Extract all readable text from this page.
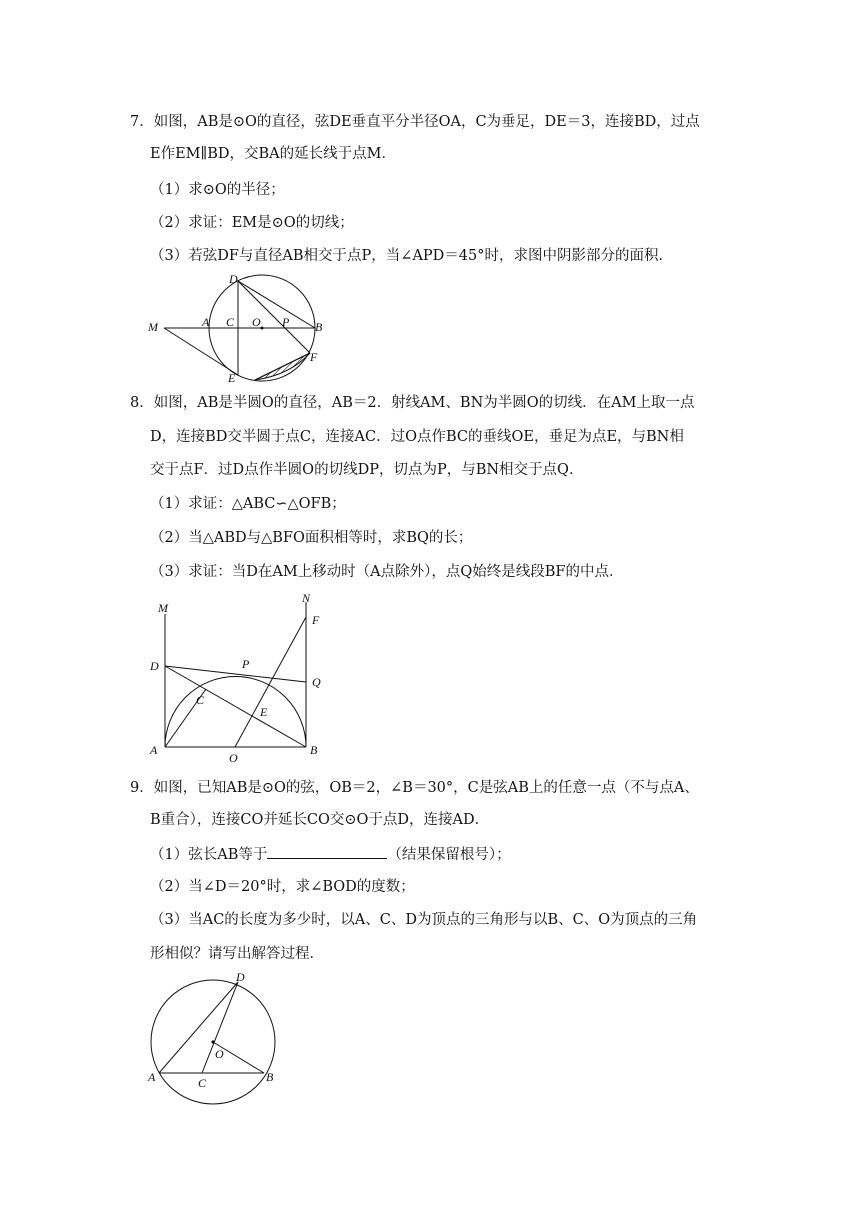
7．如图，AB是⊙O的直径，弦DE垂直平分半径OA，C为垂足，DE＝3，连接BD，过点
E作EM∥BD，交BA的延长线于点M．
（1）求⊙O的半径；
（2）求证：EM是⊙O的切线；
（3）若弦DF与直径AB相交于点P，当∠APD＝45°时，求图中阴影部分的面积．
M	A C O P B
D
E
F
8．如图，AB是半圆O的直径，AB＝2．射线AM、BN为半圆O的切线．在AM上取一点
D，连接BD交半圆于点C，连接AC．过O点作BC的垂线OE，垂足为点E，与BN相
交于点F．过D点作半圆O的切线DP，切点为P，与BN相交于点Q．
（1）求证：△ABC∽△OFB；
（2）当△ABD与△BFO面积相等时，求BQ的长；
（3）求证：当D在AM上移动时（A点除外），点Q始终是线段BF的中点．
M
N
F
D	P
Q
C
E
A
O
B
9．如图，已知AB是⊙O的弦，OB＝2，∠B＝30°，C是弦AB上的任意一点（不与点A、
B重合），连接CO并延长CO交⊙O于点D，连接AD．
（1）弦长AB等于	（结果保留根号）；
（2）当∠D＝20°时，求∠BOD的度数；
（3）当AC的长度为多少时，以A、C、D为顶点的三角形与以B、C、O为顶点的三角
形相似？请写出解答过程．
D
O
A	C	B
